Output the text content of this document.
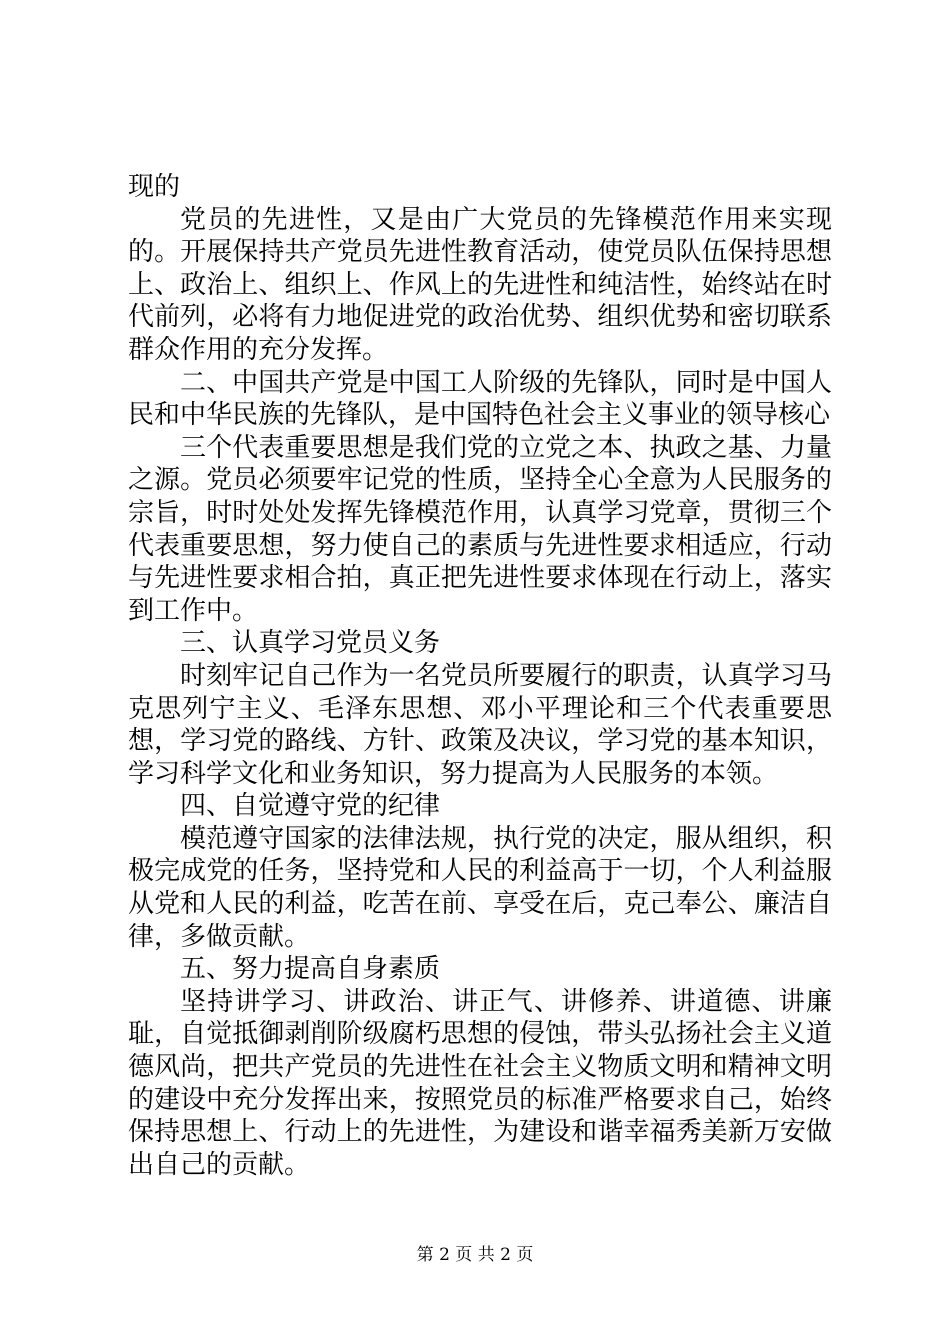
现的

党员的先进性，又是由广大党员的先锋模范作用来实现的。开展保持共产党员先进性教育活动，使党员队伍保持思想上、政治上、组织上、作风上的先进性和纯洁性，始终站在时代前列，必将有力地促进党的政治优势、组织优势和密切联系群众作用的充分发挥。

二、中国共产党是中国工人阶级的先锋队，同时是中国人民和中华民族的先锋队，是中国特色社会主义事业的领导核心

三个代表重要思想是我们党的立党之本、执政之基、力量之源。党员必须要牢记党的性质，坚持全心全意为人民服务的宗旨，时时处处发挥先锋模范作用，认真学习党章，贯彻三个代表重要思想，努力使自己的素质与先进性要求相适应，行动与先进性要求相合拍，真正把先进性要求体现在行动上，落实到工作中。

三、认真学习党员义务

时刻牢记自己作为一名党员所要履行的职责，认真学习马克思列宁主义、毛泽东思想、邓小平理论和三个代表重要思想，学习党的路线、方针、政策及决议，学习党的基本知识，学习科学文化和业务知识，努力提高为人民服务的本领。

四、自觉遵守党的纪律

模范遵守国家的法律法规，执行党的决定，服从组织，积极完成党的任务，坚持党和人民的利益高于一切，个人利益服从党和人民的利益，吃苦在前、享受在后，克己奉公、廉洁自律，多做贡献。

五、努力提高自身素质

坚持讲学习、讲政治、讲正气、讲修养、讲道德、讲廉耻，自觉抵御剥削阶级腐朽思想的侵蚀，带头弘扬社会主义道德风尚，把共产党员的先进性在社会主义物质文明和精神文明的建设中充分发挥出来，按照党员的标准严格要求自己，始终保持思想上、行动上的先进性，为建设和谐幸福秀美新万安做出自己的贡献。

第 2 页 共 2 页
